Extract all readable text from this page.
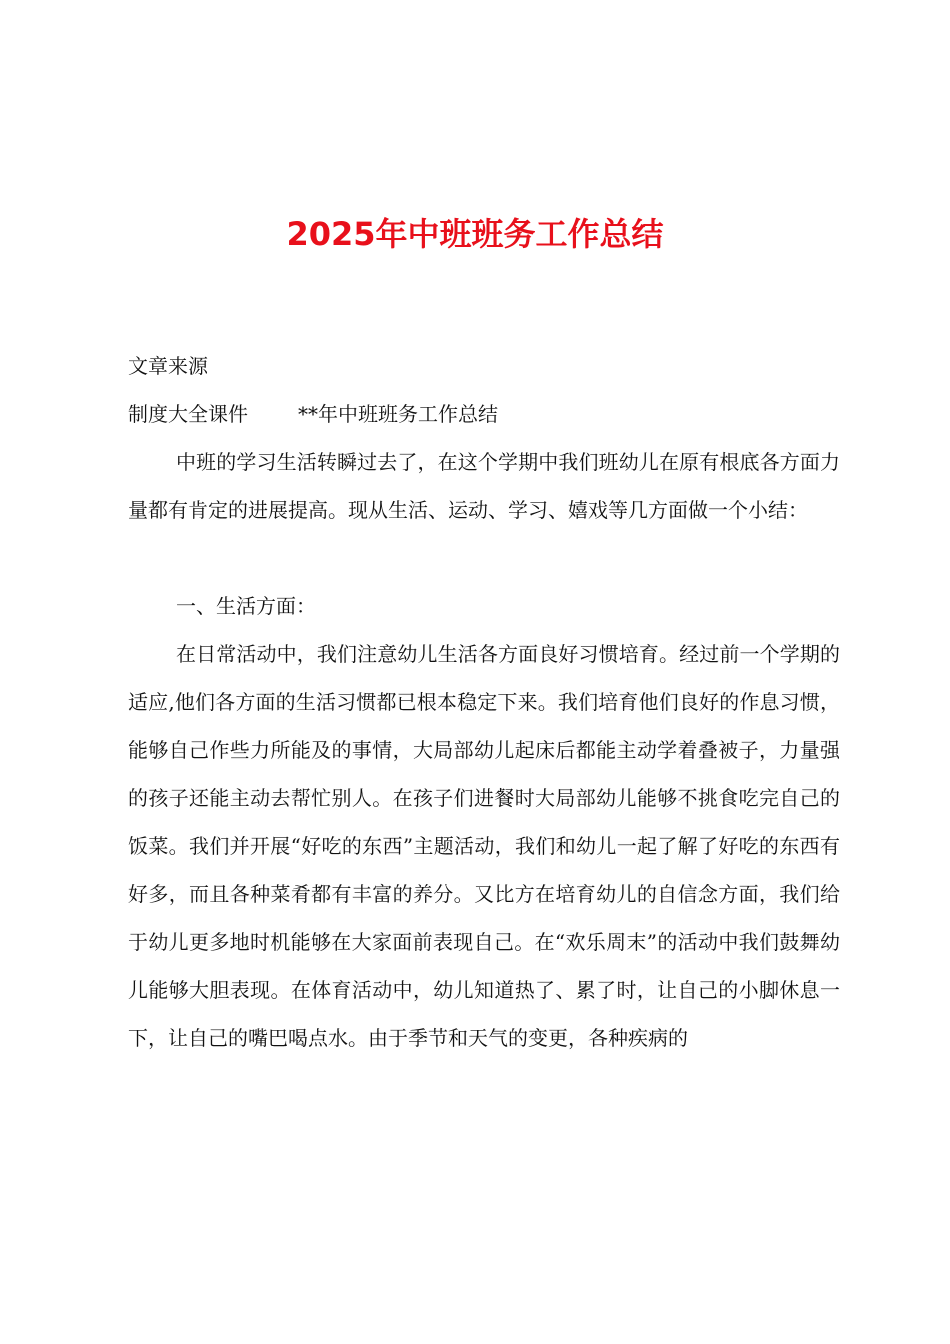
2025年中班班务工作总结

文章来源

制度大全课件	**年中班班务工作总结

中班的学习生活转瞬过去了，在这个学期中我们班幼儿在原有根底各方面力量都有肯定的进展提高。现从生活、运动、学习、嬉戏等几方面做一个小结：

一、生活方面：

在日常活动中，我们注意幼儿生活各方面良好习惯培育。经过前一个学期的适应,他们各方面的生活习惯都已根本稳定下来。我们培育他们良好的作息习惯，能够自己作些力所能及的事情，大局部幼儿起床后都能主动学着叠被子，力量强的孩子还能主动去帮忙别人。在孩子们进餐时大局部幼儿能够不挑食吃完自己的饭菜。我们并开展“好吃的东西”主题活动，我们和幼儿一起了解了好吃的东西有好多，而且各种菜肴都有丰富的养分。又比方在培育幼儿的自信念方面，我们给于幼儿更多地时机能够在大家面前表现自己。在“欢乐周末”的活动中我们鼓舞幼儿能够大胆表现。在体育活动中，幼儿知道热了、累了时，让自己的小脚休息一下，让自己的嘴巴喝点水。由于季节和天气的变更，各种疾病的
